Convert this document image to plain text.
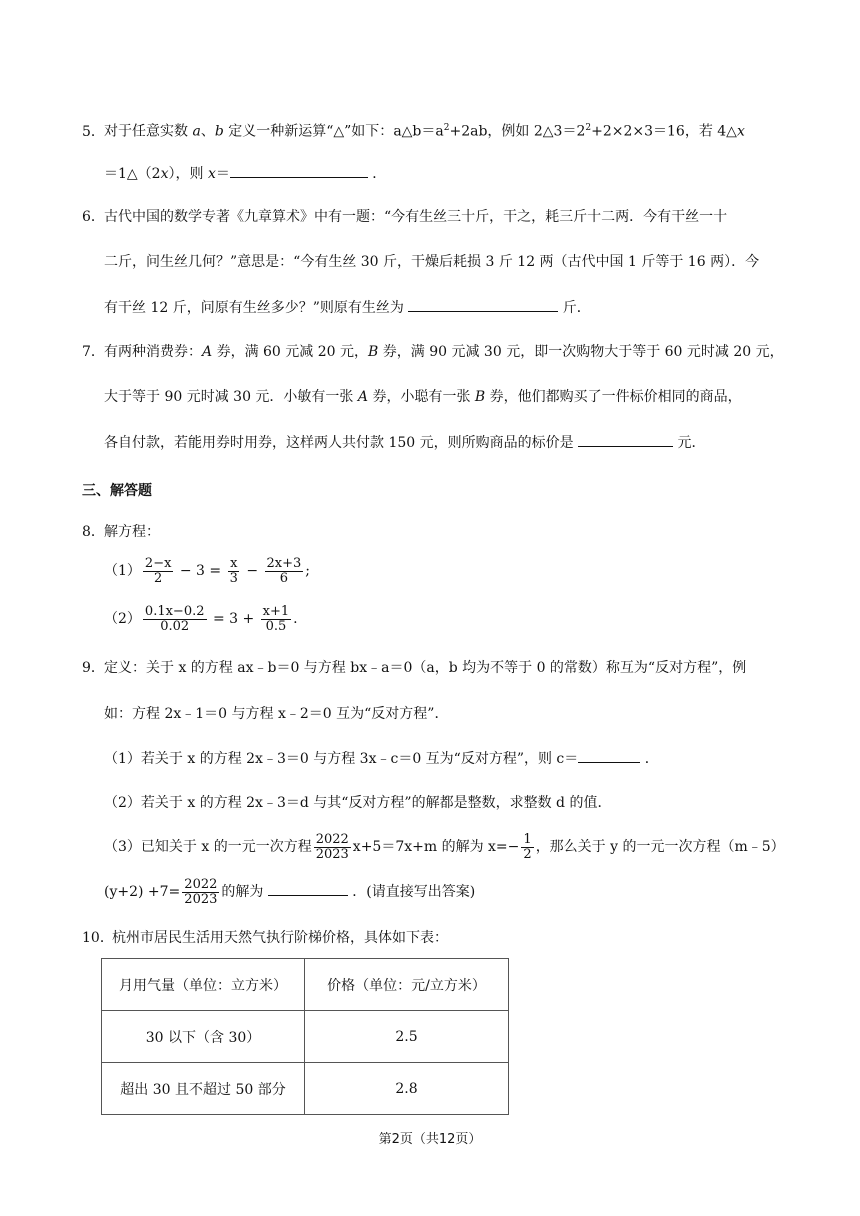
5．对于任意实数 a、b 定义一种新运算“△”如下：$a\triangle b=a^2+2ab$，例如 $2\triangle 3=2^2+2\times 2\times 3=16$，若 4△x
＝1△（2x），则 x＝	．
6．古代中国的数学专著《九章算术》中有一题：“今有生丝三十斤，干之，耗三斤十二两．今有干丝一十
二斤，问生丝几何？”意思是：“今有生丝 30 斤，干燥后耗损 3 斤 12 两（古代中国 1 斤等于 16 两）．今
有干丝 12 斤，问原有生丝多少？”则原有生丝为	斤．
7．有两种消费券：A 券，满 60 元减 20 元，B 券，满 90 元减 30 元，即一次购物大于等于 60 元时减 20 元，
大于等于 90 元时减 30 元．小敏有一张 A 券，小聪有一张 B 券，他们都购买了一件标价相同的商品，
各自付款，若能用券时用券，这样两人共付款 150 元，则所购商品的标价是	元．
三、解答题
8．解方程：
$(1) \frac{2-x}{2} - 3 = \frac{x}{3} - \frac{2x+3}{6}$ ;
$(2) \frac{0.1x-0.2}{0.02} = 3 + \frac{x+1}{0.5}$ .
9．定义：关于 x 的方程 ax﹣b＝0 与方程 bx﹣a＝0（a，b 均为不等于 0 的常数）称互为“反对方程”，例
如：方程 2x﹣1＝0 与方程 x﹣2＝0 互为“反对方程”．
（1）若关于 x 的方程 2x﹣3＝0 与方程 3x﹣c＝0 互为“反对方程”，则 c＝	．
（2）若关于 x 的方程 2x﹣3＝d 与其“反对方程”的解都是整数，求整数 d 的值．
（3）已知关于 x 的一元一次方程 $\frac{2022}{2023} x+5=7x+m$ 的解为 $x=- \frac{1}{2}$ ，那么关于 y 的一元一次方程（m﹣5）
$(y+2) +7= \frac{2022}{2023}$ 的解为	．(请直接写出答案)
10．杭州市居民生活用天然气执行阶梯价格，具体如下表：
月用气量（单位：立方米）	价格（单位：元/立方米）
30 以下（含 30）	2.5
超出 30 且不超过 50 部分	2.8
第2页（共12页）
